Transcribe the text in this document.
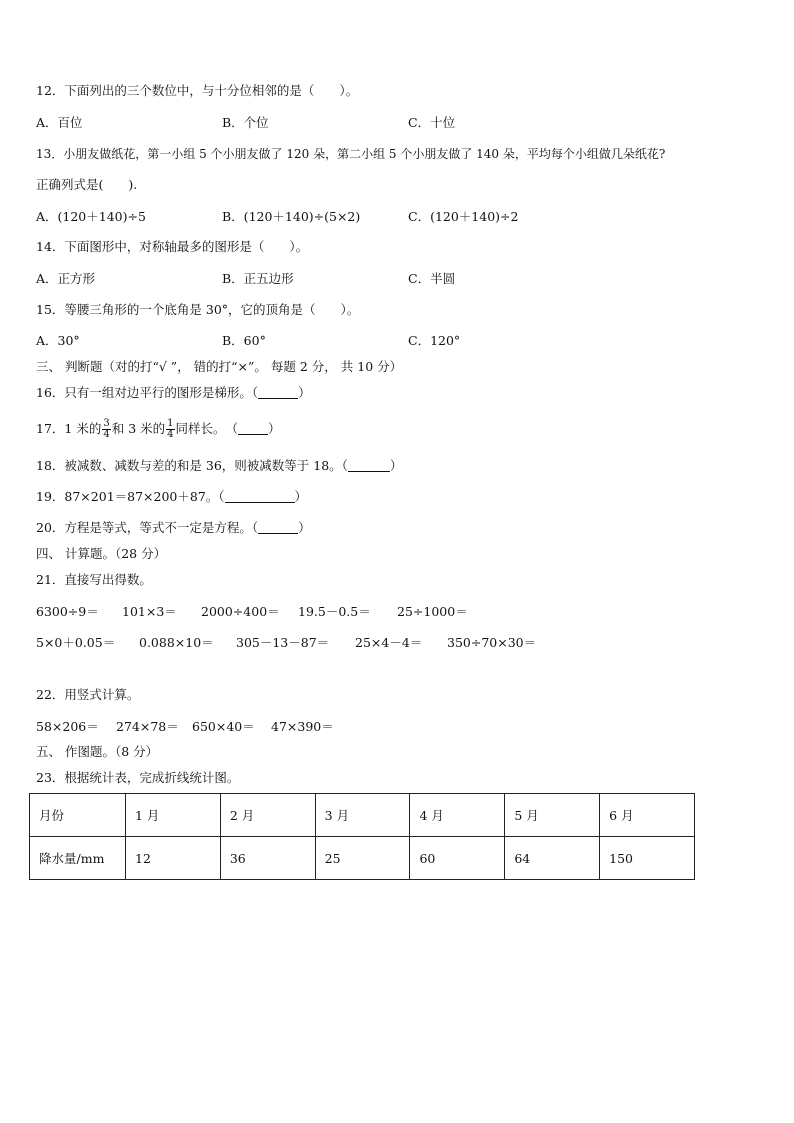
12．下面列出的三个数位中，与十分位相邻的是（　　）。
A．百位	B．个位	C．十位
13．小朋友做纸花，第一小组 5 个小朋友做了 120 朵，第二小组 5 个小朋友做了 140 朵，平均每个小组做几朵纸花?
正确列式是(　　).
A．(120＋140)÷5	B．(120＋140)÷(5×2)	C．(120＋140)÷2
14．下面图形中，对称轴最多的图形是（　　）。
A．正方形	B．正五边形	C．半圆
15．等腰三角形的一个底角是 30°，它的顶角是（　　）。
A．30°	B．60°	C．120°
三、 判断题（对的打“√ ”， 错的打“×”。 每题 2 分， 共 10 分）
16．只有一组对边平行的图形是梯形。（	）
17．1 米的 $\frac{3}{4}$ 和 3 米的 $\frac{1}{4}$ 同样长。　（ ）
18．被减数、减数与差的和是 36，则被减数等于 18。（	）
19．87×201＝87×200＋87。（	）
20．方程是等式，等式不一定是方程。（	）
四、 计算题。（28 分）
21．直接写出得数。
6300÷9＝ 101×3＝ 2000÷400＝ 19.5－0.5＝ 25÷1000＝
5×0＋0.05＝ 0.088×10＝ 305－13－87＝ 25×4－4＝ 350÷70×30＝
22．用竖式计算。
58×206＝ 274×78＝ 650×40＝ 47×390＝
五、 作图题。（8 分）
23．根据统计表，完成折线统计图。
月份	1 月	2 月	3 月	4 月	5 月	6 月
降水量/mm	12	36	25	60	64	150
